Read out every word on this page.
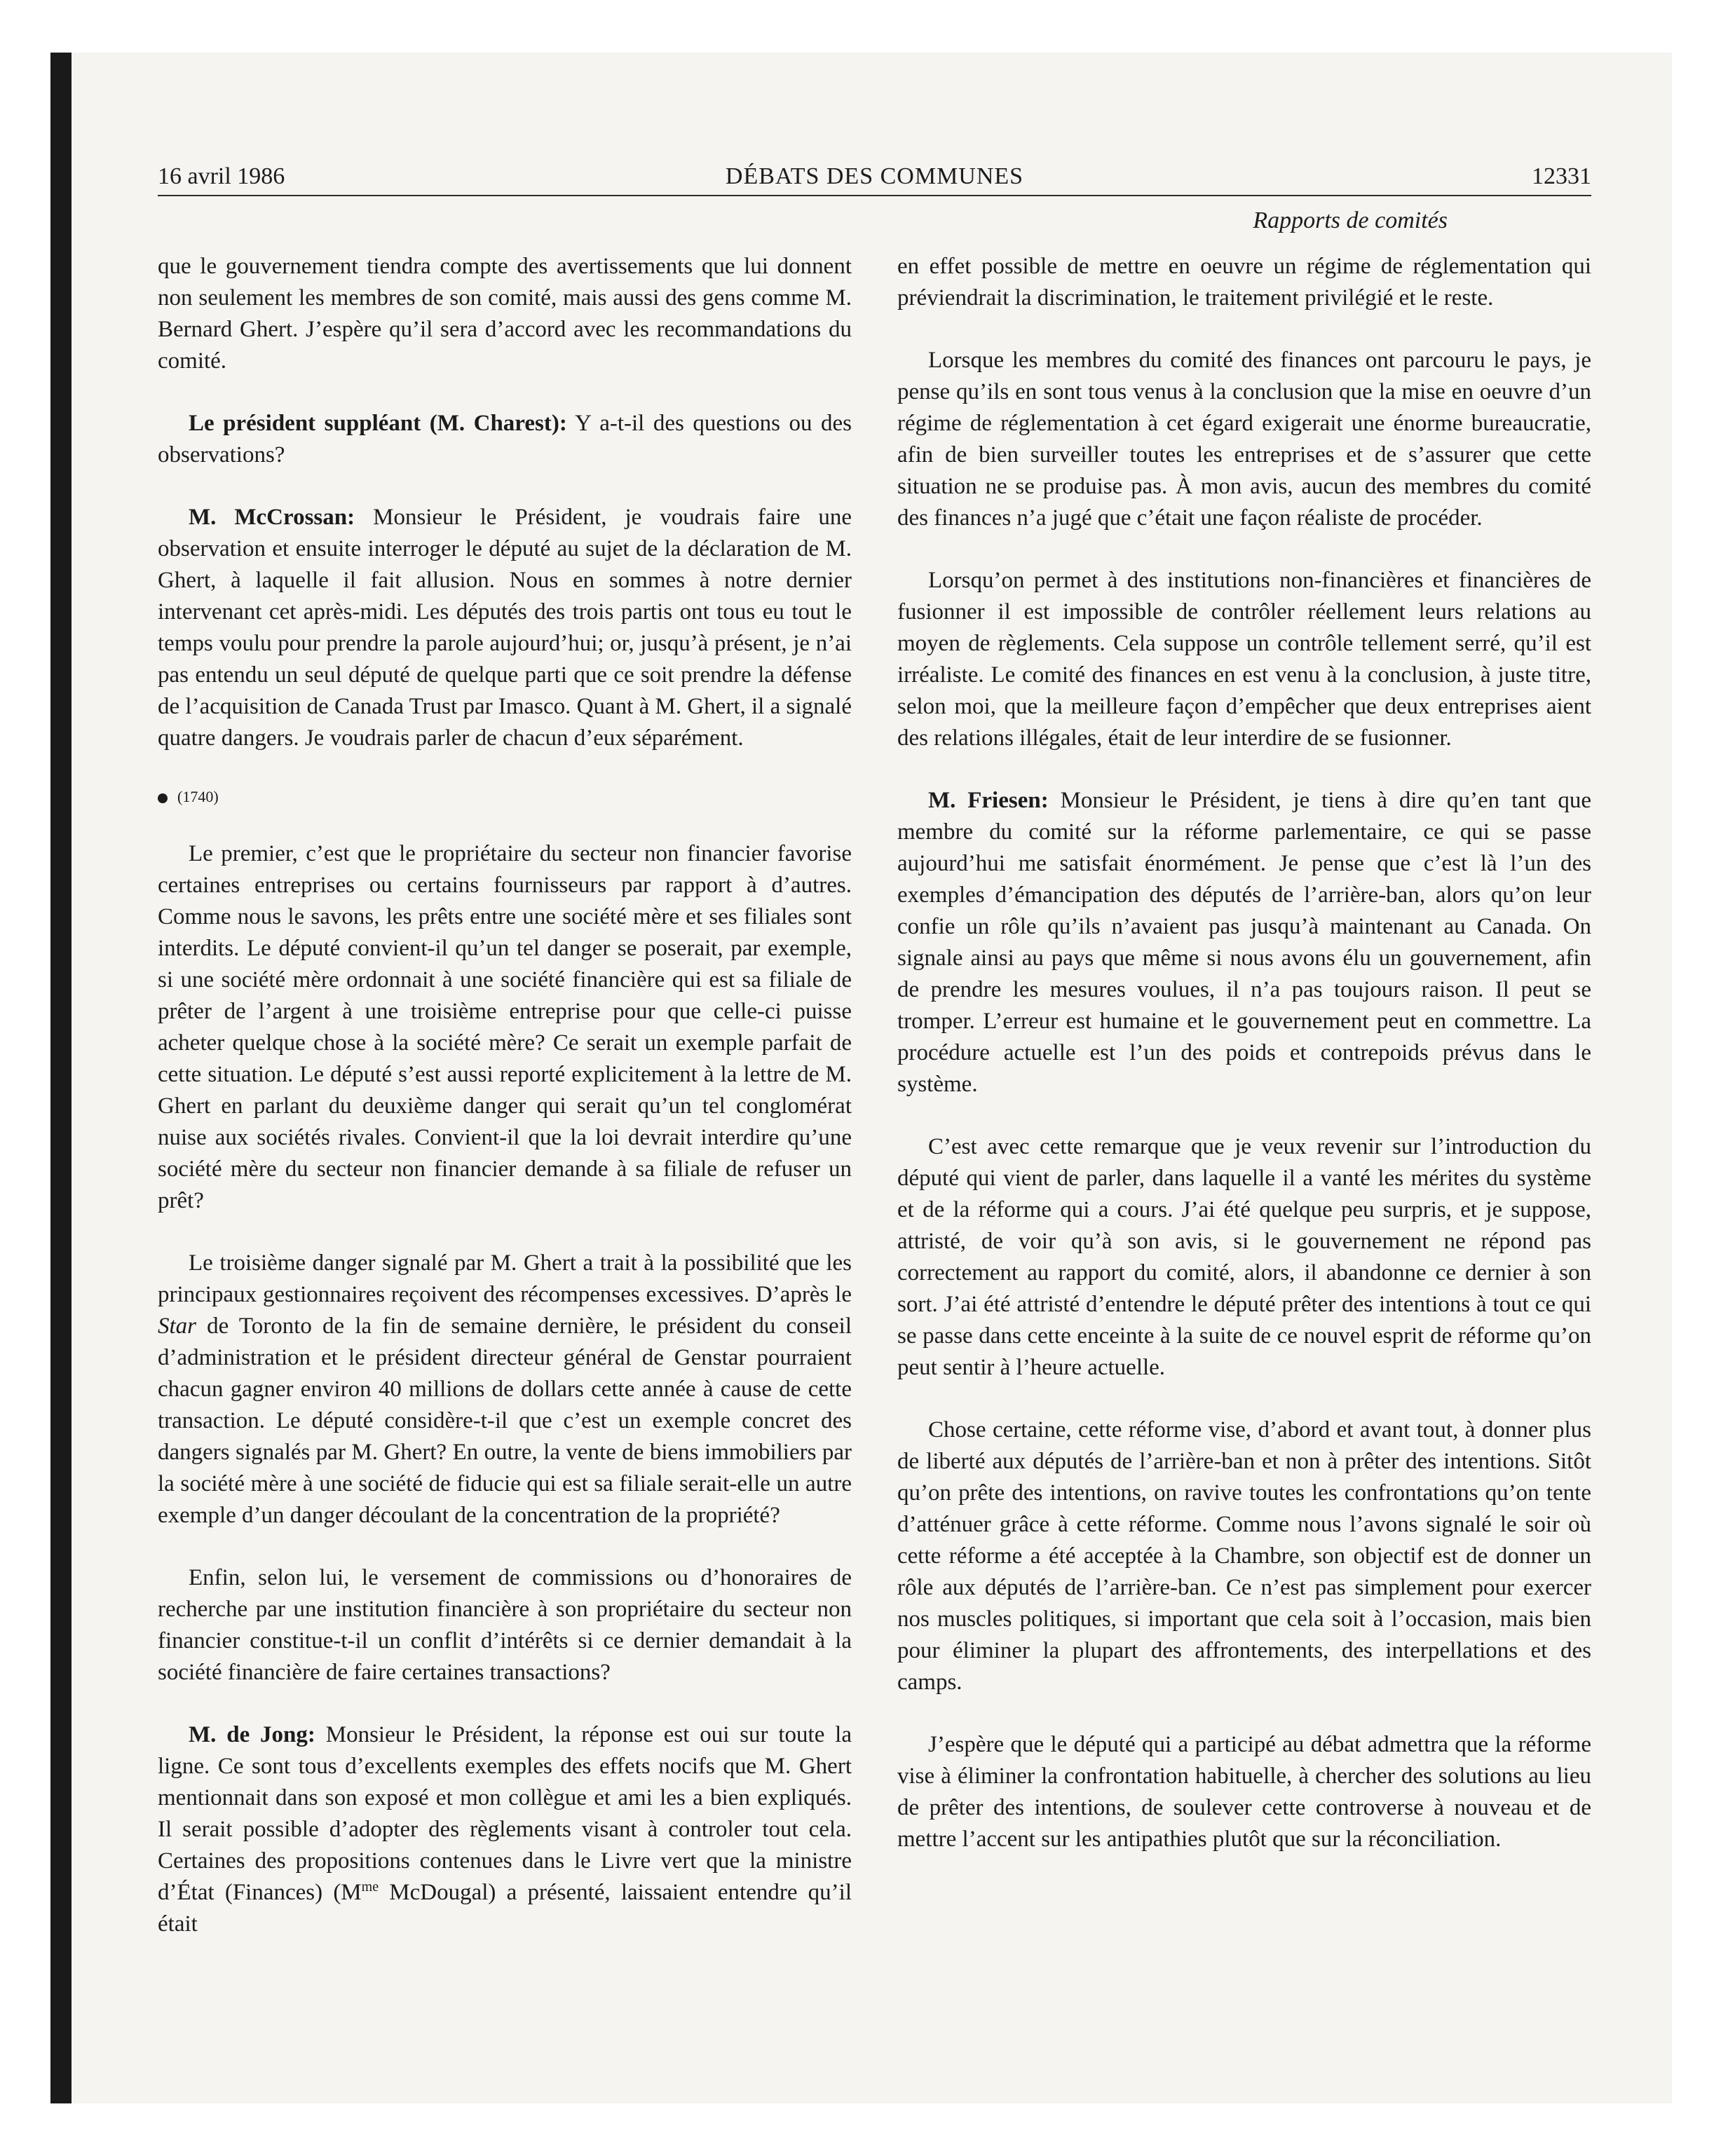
16 avril 1986	DÉBATS DES COMMUNES	12331
Rapports de comités

que le gouvernement tiendra compte des avertissements que lui donnent non seulement les membres de son comité, mais aussi des gens comme M. Bernard Ghert. J’espère qu’il sera d’accord avec les recommandations du comité.

Le président suppléant (M. Charest): Y a-t-il des questions ou des observations?

M. McCrossan: Monsieur le Président, je voudrais faire une observation et ensuite interroger le député au sujet de la déclaration de M. Ghert, à laquelle il fait allusion. Nous en sommes à notre dernier intervenant cet après-midi. Les députés des trois partis ont tous eu tout le temps voulu pour prendre la parole aujourd’hui; or, jusqu’à présent, je n’ai pas entendu un seul député de quelque parti que ce soit prendre la défense de l’acquisition de Canada Trust par Imasco. Quant à M. Ghert, il a signalé quatre dangers. Je voudrais parler de chacun d’eux séparément.

(1740)

Le premier, c’est que le propriétaire du secteur non financier favorise certaines entreprises ou certains fournisseurs par rapport à d’autres. Comme nous le savons, les prêts entre une société mère et ses filiales sont interdits. Le député convient-il qu’un tel danger se poserait, par exemple, si une société mère ordonnait à une société financière qui est sa filiale de prêter de l’argent à une troisième entreprise pour que celle-ci puisse acheter quelque chose à la société mère? Ce serait un exemple parfait de cette situation. Le député s’est aussi reporté explicitement à la lettre de M. Ghert en parlant du deuxième danger qui serait qu’un tel conglomérat nuise aux sociétés rivales. Convient-il que la loi devrait interdire qu’une société mère du secteur non financier demande à sa filiale de refuser un prêt?

Le troisième danger signalé par M. Ghert a trait à la possibilité que les principaux gestionnaires reçoivent des récompenses excessives. D’après le Star de Toronto de la fin de semaine dernière, le président du conseil d’administration et le président directeur général de Genstar pourraient chacun gagner environ 40 millions de dollars cette année à cause de cette transaction. Le député considère-t-il que c’est un exemple concret des dangers signalés par M. Ghert? En outre, la vente de biens immobiliers par la société mère à une société de fiducie qui est sa filiale serait-elle un autre exemple d’un danger découlant de la concentration de la propriété?

Enfin, selon lui, le versement de commissions ou d’honoraires de recherche par une institution financière à son propriétaire du secteur non financier constitue-t-il un conflit d’intérêts si ce dernier demandait à la société financière de faire certaines transactions?

M. de Jong: Monsieur le Président, la réponse est oui sur toute la ligne. Ce sont tous d’excellents exemples des effets nocifs que M. Ghert mentionnait dans son exposé et mon collègue et ami les a bien expliqués. Il serait possible d’adopter des règlements visant à controler tout cela. Certaines des propositions contenues dans le Livre vert que la ministre d’État (Finances) ($M^{me}$ McDougal) a présenté, laissaient entendre qu’il était

en effet possible de mettre en oeuvre un régime de réglementation qui préviendrait la discrimination, le traitement privilégié et le reste.

Lorsque les membres du comité des finances ont parcouru le pays, je pense qu’ils en sont tous venus à la conclusion que la mise en oeuvre d’un régime de réglementation à cet égard exigerait une énorme bureaucratie, afin de bien surveiller toutes les entreprises et de s’assurer que cette situation ne se produise pas. À mon avis, aucun des membres du comité des finances n’a jugé que c’était une façon réaliste de procéder.

Lorsqu’on permet à des institutions non-financières et financières de fusionner il est impossible de contrôler réellement leurs relations au moyen de règlements. Cela suppose un contrôle tellement serré, qu’il est irréaliste. Le comité des finances en est venu à la conclusion, à juste titre, selon moi, que la meilleure façon d’empêcher que deux entreprises aient des relations illégales, était de leur interdire de se fusionner.

M. Friesen: Monsieur le Président, je tiens à dire qu’en tant que membre du comité sur la réforme parlementaire, ce qui se passe aujourd’hui me satisfait énormément. Je pense que c’est là l’un des exemples d’émancipation des députés de l’arrière-ban, alors qu’on leur confie un rôle qu’ils n’avaient pas jusqu’à maintenant au Canada. On signale ainsi au pays que même si nous avons élu un gouvernement, afin de prendre les mesures voulues, il n’a pas toujours raison. Il peut se tromper. L’erreur est humaine et le gouvernement peut en commettre. La procédure actuelle est l’un des poids et contrepoids prévus dans le système.

C’est avec cette remarque que je veux revenir sur l’introduction du député qui vient de parler, dans laquelle il a vanté les mérites du système et de la réforme qui a cours. J’ai été quelque peu surpris, et je suppose, attristé, de voir qu’à son avis, si le gouvernement ne répond pas correctement au rapport du comité, alors, il abandonne ce dernier à son sort. J’ai été attristé d’entendre le député prêter des intentions à tout ce qui se passe dans cette enceinte à la suite de ce nouvel esprit de réforme qu’on peut sentir à l’heure actuelle.

Chose certaine, cette réforme vise, d’abord et avant tout, à donner plus de liberté aux députés de l’arrière-ban et non à prêter des intentions. Sitôt qu’on prête des intentions, on ravive toutes les confrontations qu’on tente d’atténuer grâce à cette réforme. Comme nous l’avons signalé le soir où cette réforme a été acceptée à la Chambre, son objectif est de donner un rôle aux députés de l’arrière-ban. Ce n’est pas simplement pour exercer nos muscles politiques, si important que cela soit à l’occasion, mais bien pour éliminer la plupart des affrontements, des interpellations et des camps.

J’espère que le député qui a participé au débat admettra que la réforme vise à éliminer la confrontation habituelle, à chercher des solutions au lieu de prêter des intentions, de soulever cette controverse à nouveau et de mettre l’accent sur les antipathies plutôt que sur la réconciliation.
